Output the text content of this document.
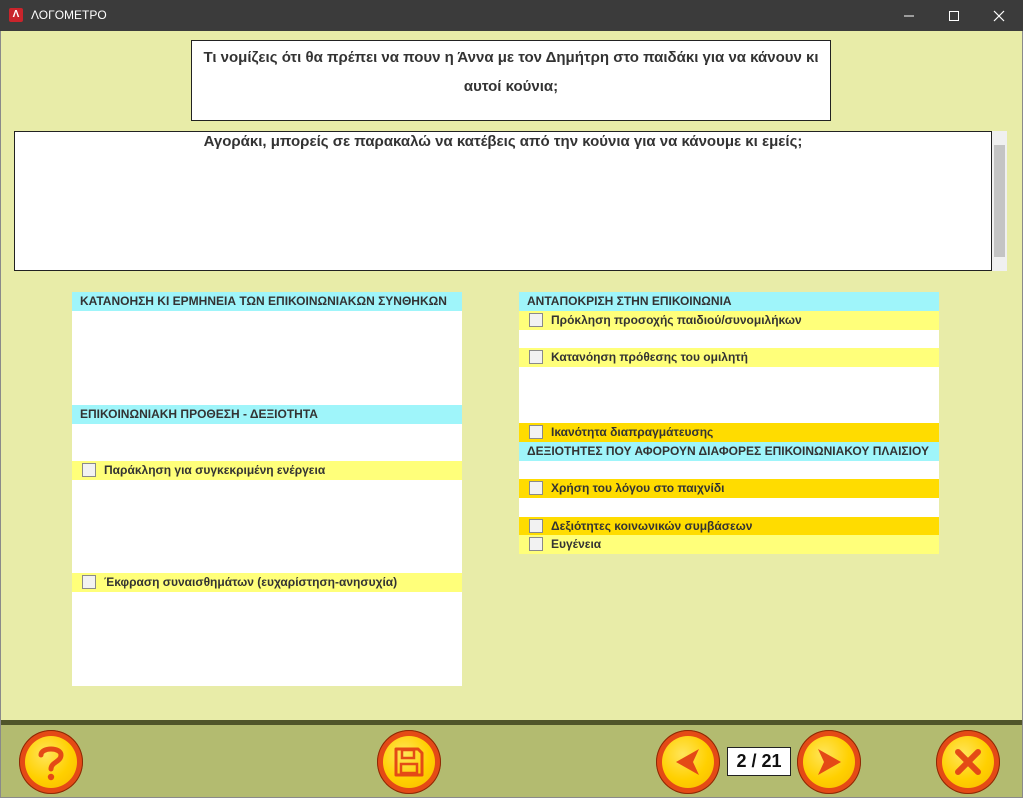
Λ ΛΟΓΟΜΕΤΡΟ
Τι νομίζεις ότι θα πρέπει να πουν η Άννα με τον Δημήτρη στο παιδάκι για να κάνουν κι αυτοί κούνια;
Αγοράκι, μπορείς σε παρακαλώ να κατέβεις από την κούνια για να κάνουμε κι εμείς;
ΚΑΤΑΝΟΗΣΗ ΚΙ ΕΡΜΗΝΕΙΑ ΤΩΝ ΕΠΙΚΟΙΝΩΝΙΑΚΩΝ ΣΥΝΘΗΚΩΝ
ΕΠΙΚΟΙΝΩΝΙΑΚΗ ΠΡΟΘΕΣΗ - ΔΕΞΙΟΤΗΤΑ
Παράκληση για συγκεκριμένη ενέργεια
Έκφραση συναισθημάτων (ευχαρίστηση-ανησυχία)
ΑΝΤΑΠΟΚΡΙΣΗ ΣΤΗΝ ΕΠΙΚΟΙΝΩΝΙΑ
Πρόκληση προσοχής παιδιού/συνομιλήκων
Κατανόηση πρόθεσης του ομιλητή
Ικανότητα διαπραγμάτευσης
ΔΕΞΙΟΤΗΤΕΣ ΠΟΥ ΑΦΟΡΟΥΝ ΔΙΑΦΟΡΕΣ ΕΠΙΚΟΙΝΩΝΙΑΚΟΥ ΠΛΑΙΣΙΟΥ
Χρήση του λόγου στο παιχνίδι
Δεξιότητες κοινωνικών συμβάσεων
Ευγένεια
2 / 21
